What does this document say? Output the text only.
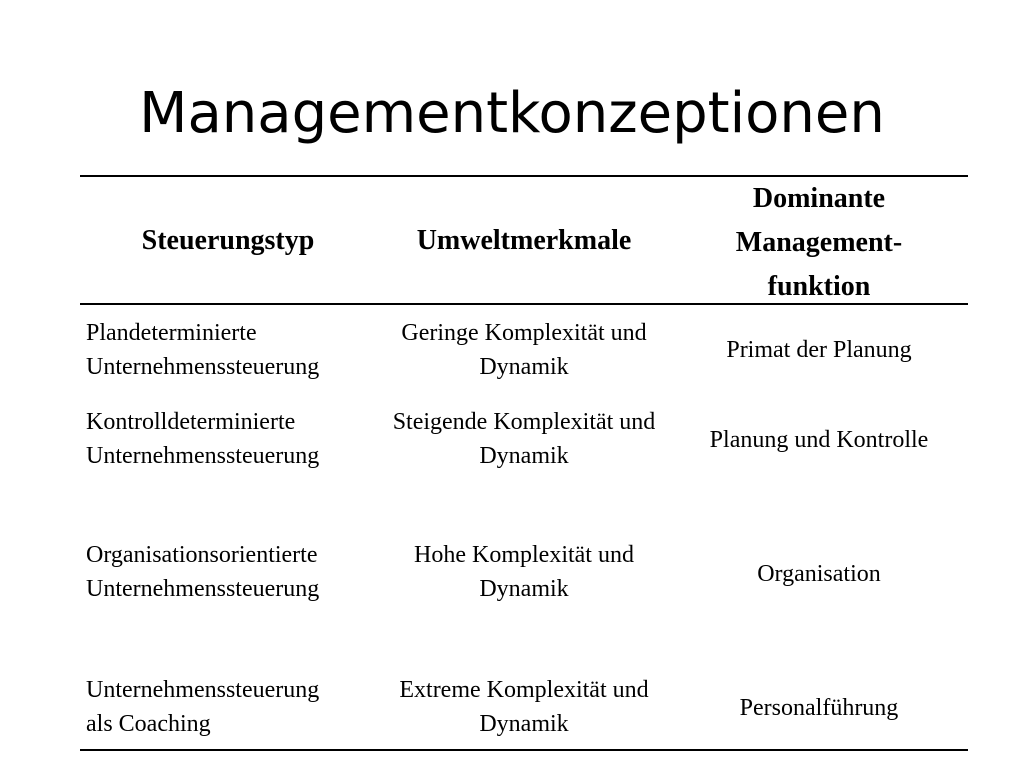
Managementkonzeptionen
Steuerungstyp	Umweltmerkmale
Dominante Management-funktion
Plandeterminierte Unternehmenssteuerung
Geringe Komplexität und Dynamik
Primat der Planung
Kontrolldeterminierte Unternehmenssteuerung
Steigende Komplexität und Dynamik
Planung und Kontrolle
Organisationsorientierte Unternehmenssteuerung
Hohe Komplexität und Dynamik
Organisation
Unternehmenssteuerung als Coaching
Extreme Komplexität und Dynamik
Personalführung
